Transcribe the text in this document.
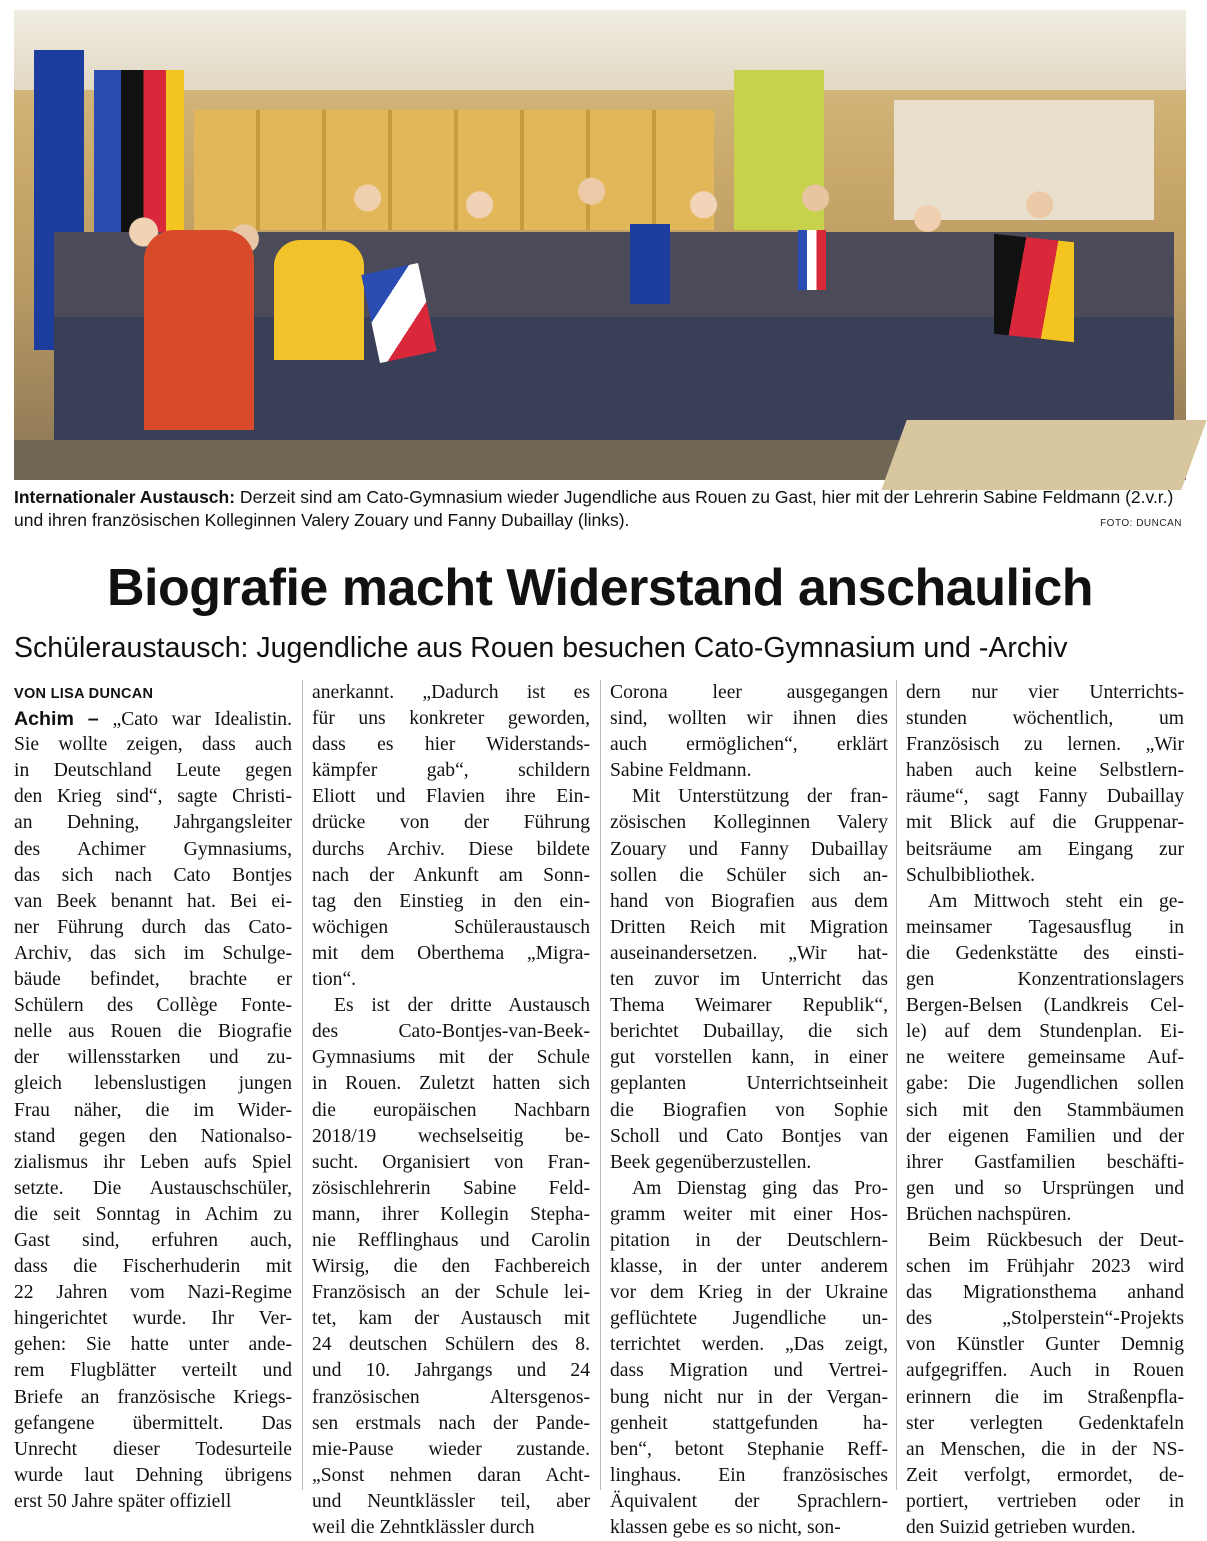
Internationaler Austausch: Derzeit sind am Cato-Gymnasium wieder Jugendliche aus Rouen zu Gast, hier mit der Lehrerin Sabine Feldmann (2.v.r.) und ihren französischen Kolleginnen Valery Zouary und Fanny Dubaillay (links).	FOTO: DUNCAN
Biografie macht Widerstand anschaulich
Schüleraustausch: Jugendliche aus Rouen besuchen Cato-Gymnasium und -Archiv
VON LISA DUNCAN
Achim – „Cato war Idealistin.
Sie wollte zeigen, dass auch
in Deutschland Leute gegen
den Krieg sind“, sagte Christi-
an Dehning, Jahrgangsleiter
des Achimer Gymnasiums,
das sich nach Cato Bontjes
van Beek benannt hat. Bei ei-
ner Führung durch das Cato-
Archiv, das sich im Schulge-
bäude befindet, brachte er
Schülern des Collège Fonte-
nelle aus Rouen die Biografie
der willensstarken und zu-
gleich lebenslustigen jungen
Frau näher, die im Wider-
stand gegen den Nationalso-
zialismus ihr Leben aufs Spiel
setzte. Die Austauschschüler,
die seit Sonntag in Achim zu
Gast sind, erfuhren auch,
dass die Fischerhuderin mit
22 Jahren vom Nazi-Regime
hingerichtet wurde. Ihr Ver-
gehen: Sie hatte unter ande-
rem Flugblätter verteilt und
Briefe an französische Kriegs-
gefangene übermittelt. Das
Unrecht dieser Todesurteile
wurde laut Dehning übrigens
erst 50 Jahre später offiziell
anerkannt. „Dadurch ist es
für uns konkreter geworden,
dass es hier Widerstands-
kämpfer gab“, schildern
Eliott und Flavien ihre Ein-
drücke von der Führung
durchs Archiv. Diese bildete
nach der Ankunft am Sonn-
tag den Einstieg in den ein-
wöchigen Schüleraustausch
mit dem Oberthema „Migra-
tion“.
Es ist der dritte Austausch
des Cato-Bontjes-van-Beek-
Gymnasiums mit der Schule
in Rouen. Zuletzt hatten sich
die europäischen Nachbarn
2018/19 wechselseitig be-
sucht. Organisiert von Fran-
zösischlehrerin Sabine Feld-
mann, ihrer Kollegin Stepha-
nie Refflinghaus und Carolin
Wirsig, die den Fachbereich
Französisch an der Schule lei-
tet, kam der Austausch mit
24 deutschen Schülern des 8.
und 10. Jahrgangs und 24
französischen Altersgenos-
sen erstmals nach der Pande-
mie-Pause wieder zustande.
„Sonst nehmen daran Acht-
und Neuntklässler teil, aber
weil die Zehntklässler durch
Corona leer ausgegangen
sind, wollten wir ihnen dies
auch ermöglichen“, erklärt
Sabine Feldmann.
Mit Unterstützung der fran-
zösischen Kolleginnen Valery
Zouary und Fanny Dubaillay
sollen die Schüler sich an-
hand von Biografien aus dem
Dritten Reich mit Migration
auseinandersetzen. „Wir hat-
ten zuvor im Unterricht das
Thema Weimarer Republik“,
berichtet Dubaillay, die sich
gut vorstellen kann, in einer
geplanten Unterrichtseinheit
die Biografien von Sophie
Scholl und Cato Bontjes van
Beek gegenüberzustellen.
Am Dienstag ging das Pro-
gramm weiter mit einer Hos-
pitation in der Deutschlern-
klasse, in der unter anderem
vor dem Krieg in der Ukraine
geflüchtete Jugendliche un-
terrichtet werden. „Das zeigt,
dass Migration und Vertrei-
bung nicht nur in der Vergan-
genheit stattgefunden ha-
ben“, betont Stephanie Reff-
linghaus. Ein französisches
Äquivalent der Sprachlern-
klassen gebe es so nicht, son-
dern nur vier Unterrichts-
stunden wöchentlich, um
Französisch zu lernen. „Wir
haben auch keine Selbstlern-
räume“, sagt Fanny Dubaillay
mit Blick auf die Gruppenar-
beitsräume am Eingang zur
Schulbibliothek.
Am Mittwoch steht ein ge-
meinsamer Tagesausflug in
die Gedenkstätte des einsti-
gen Konzentrationslagers
Bergen-Belsen (Landkreis Cel-
le) auf dem Stundenplan. Ei-
ne weitere gemeinsame Auf-
gabe: Die Jugendlichen sollen
sich mit den Stammbäumen
der eigenen Familien und der
ihrer Gastfamilien beschäfti-
gen und so Ursprüngen und
Brüchen nachspüren.
Beim Rückbesuch der Deut-
schen im Frühjahr 2023 wird
das Migrationsthema anhand
des „Stolperstein“-Projekts
von Künstler Gunter Demnig
aufgegriffen. Auch in Rouen
erinnern die im Straßenpfla-
ster verlegten Gedenktafeln
an Menschen, die in der NS-
Zeit verfolgt, ermordet, de-
portiert, vertrieben oder in
den Suizid getrieben wurden.
